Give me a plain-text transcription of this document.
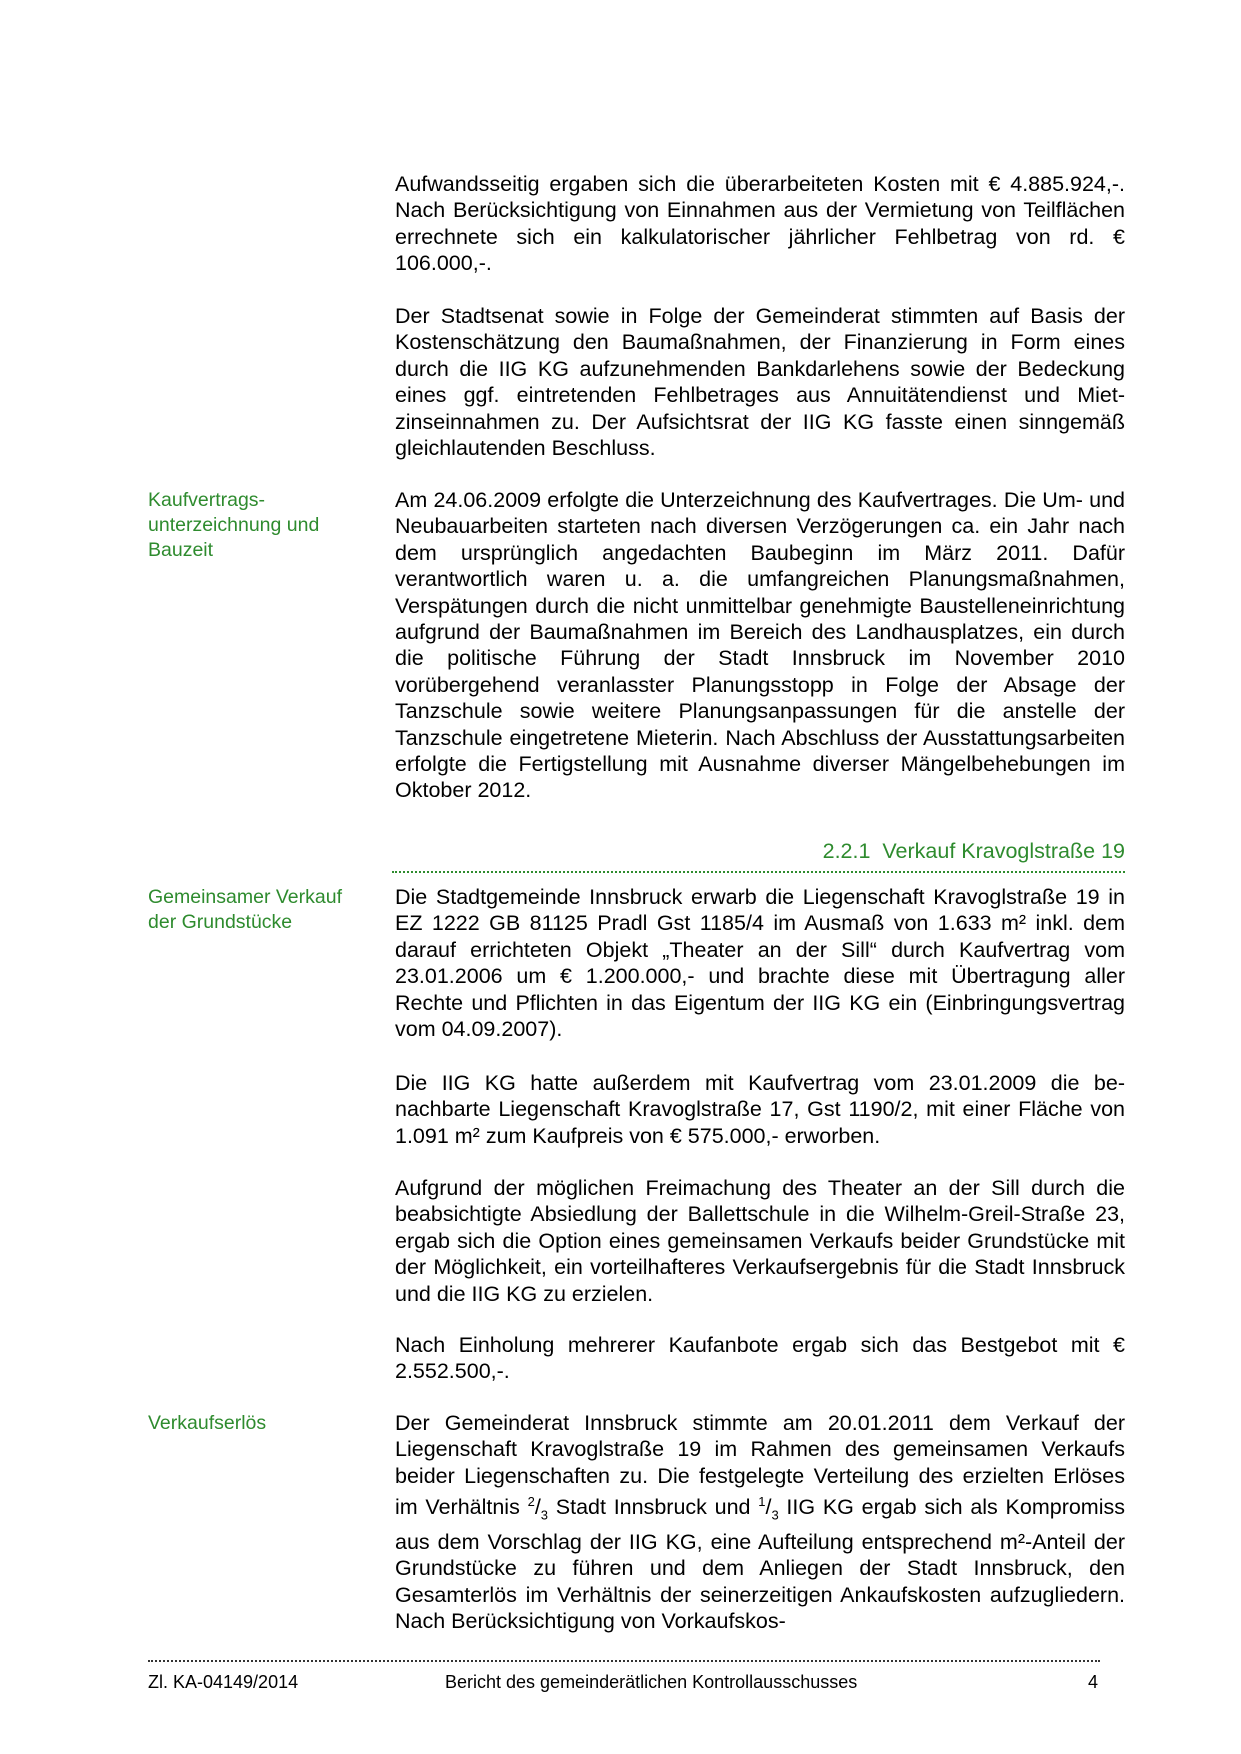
Aufwandsseitig ergaben sich die überarbeiteten Kosten mit € 4.885.924,-. Nach Berücksichtigung von Einnahmen aus der Vermietung von Teilflächen errechnete sich ein kalkulatorischer jährlicher Fehlbetrag von rd. € 106.000,-.

Der Stadtsenat sowie in Folge der Gemeinderat stimmten auf Basis der Kostenschätzung den Baumaßnahmen, der Finanzierung in Form eines durch die IIG KG aufzunehmenden Bankdarlehens sowie der Bedeckung eines ggf. eintretenden Fehlbetrages aus Annuitätendienst und Miet-zinseinnahmen zu. Der Aufsichtsrat der IIG KG fasste einen sinngemäß gleichlautenden Beschluss.

Kaufvertrags-unterzeichnung und Bauzeit

Am 24.06.2009 erfolgte die Unterzeichnung des Kaufvertrages. Die Um- und Neubauarbeiten starteten nach diversen Verzögerungen ca. ein Jahr nach dem ursprünglich angedachten Baubeginn im März 2011. Dafür verantwortlich waren u. a. die umfangreichen Planungsmaßnahmen, Verspätungen durch die nicht unmittelbar genehmigte Baustelleneinrichtung aufgrund der Baumaßnahmen im Bereich des Landhausplatzes, ein durch die politische Führung der Stadt Innsbruck im November 2010 vorübergehend veranlasster Planungsstopp in Folge der Absage der Tanzschule sowie weitere Planungsanpassungen für die anstelle der Tanzschule eingetretene Mieterin. Nach Abschluss der Ausstattungsarbeiten erfolgte die Fertigstellung mit Ausnahme diverser Mängelbehebungen im Oktober 2012.

2.2.1  Verkauf Kravoglstraße 19
Gemeinsamer Verkauf der Grundstücke

Die Stadtgemeinde Innsbruck erwarb die Liegenschaft Kravoglstraße 19 in EZ 1222 GB 81125 Pradl Gst 1185/4 im Ausmaß von 1.633 m² inkl. dem darauf errichteten Objekt „Theater an der Sill“ durch Kaufvertrag vom 23.01.2006 um € 1.200.000,- und brachte diese mit Übertragung aller Rechte und Pflichten in das Eigentum der IIG KG ein (Einbringungsvertrag vom 04.09.2007).

Die IIG KG hatte außerdem mit Kaufvertrag vom 23.01.2009 die benachbarte Liegenschaft Kravoglstraße 17, Gst 1190/2, mit einer Fläche von 1.091 m² zum Kaufpreis von € 575.000,- erworben.

Aufgrund der möglichen Freimachung des Theater an der Sill durch die beabsichtigte Absiedlung der Ballettschule in die Wilhelm-Greil-Straße 23, ergab sich die Option eines gemeinsamen Verkaufs beider Grundstücke mit der Möglichkeit, ein vorteilhafteres Verkaufsergebnis für die Stadt Innsbruck und die IIG KG zu erzielen.

Nach Einholung mehrerer Kaufanbote ergab sich das Bestgebot mit € 2.552.500,-.

Verkaufserlös	Der Gemeinderat Innsbruck stimmte am 20.01.2011 dem Verkauf der Liegenschaft Kravoglstraße 19 im Rahmen des gemeinsamen Verkaufs beider Liegenschaften zu. Die festgelegte Verteilung des erzielten Erlöses im Verhältnis $^2/_3$ Stadt Innsbruck und $^1/_3$ IIG KG ergab sich als Kompromiss aus dem Vorschlag der IIG KG, eine Aufteilung entsprechend m²-Anteil der Grundstücke zu führen und dem Anliegen der Stadt Innsbruck, den Gesamterlös im Verhältnis der seinerzeitigen Ankaufskosten aufzugliedern. Nach Berücksichtigung von Vorkaufskos-

Zl. KA-04149/2014	Bericht des gemeinderätlichen Kontrollausschusses	4
